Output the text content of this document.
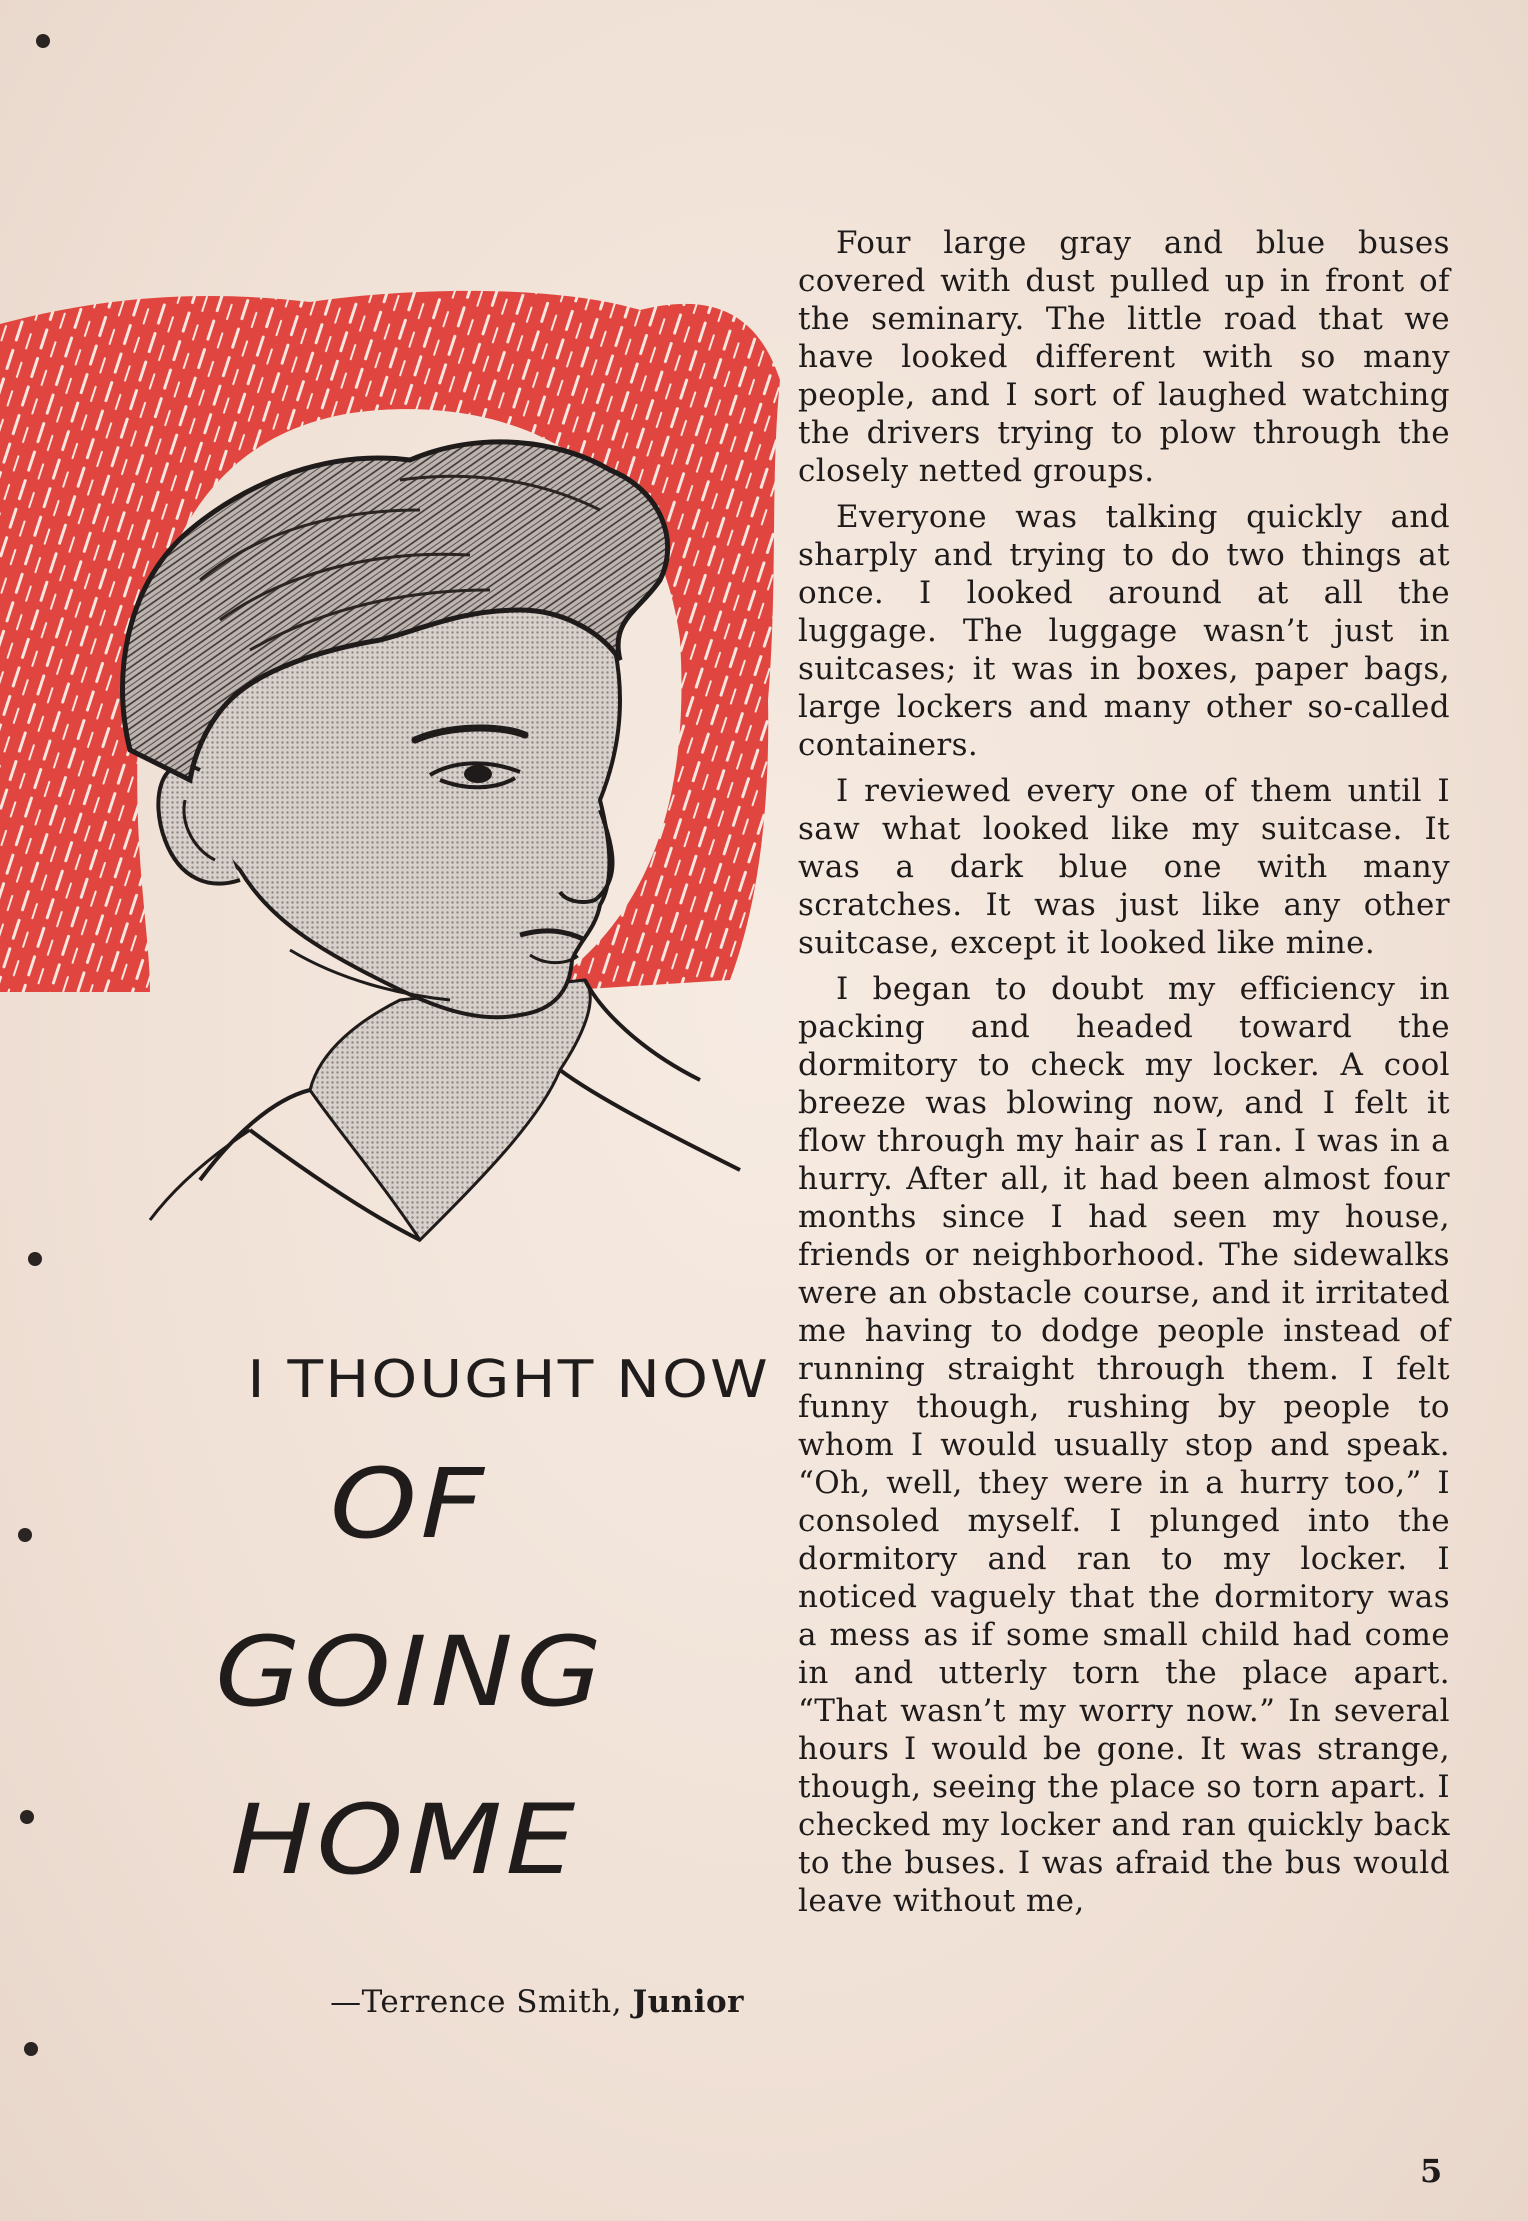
I THOUGHT NOW
OF
GOING
HOME
—Terrence Smith, Junior

Four large gray and blue buses covered with dust pulled up in front of the seminary. The little road that we have looked different with so many people, and I sort of laughed watching the drivers trying to plow through the closely netted groups.

Everyone was talking quickly and sharply and trying to do two things at once. I looked around at all the luggage. The luggage wasn’t just in suitcases; it was in boxes, paper bags, large lockers and many other so-called containers.

I reviewed every one of them until I saw what looked like my suitcase. It was a dark blue one with many scratches. It was just like any other suitcase, except it looked like mine.

I began to doubt my efficiency in packing and headed toward the dormitory to check my locker. A cool breeze was blowing now, and I felt it flow through my hair as I ran. I was in a hurry. After all, it had been almost four months since I had seen my house, friends or neighborhood. The sidewalks were an obstacle course, and it irritated me having to dodge people instead of running straight through them. I felt funny though, rushing by people to whom I would usually stop and speak. “Oh, well, they were in a hurry too,” I consoled myself. I plunged into the dormitory and ran to my locker. I noticed vaguely that the dormitory was a mess as if some small child had come in and utterly torn the place apart. “That wasn’t my worry now.” In several hours I would be gone. It was strange, though, seeing the place so torn apart. I checked my locker and ran quickly back to the buses. I was afraid the bus would leave without me,

5
